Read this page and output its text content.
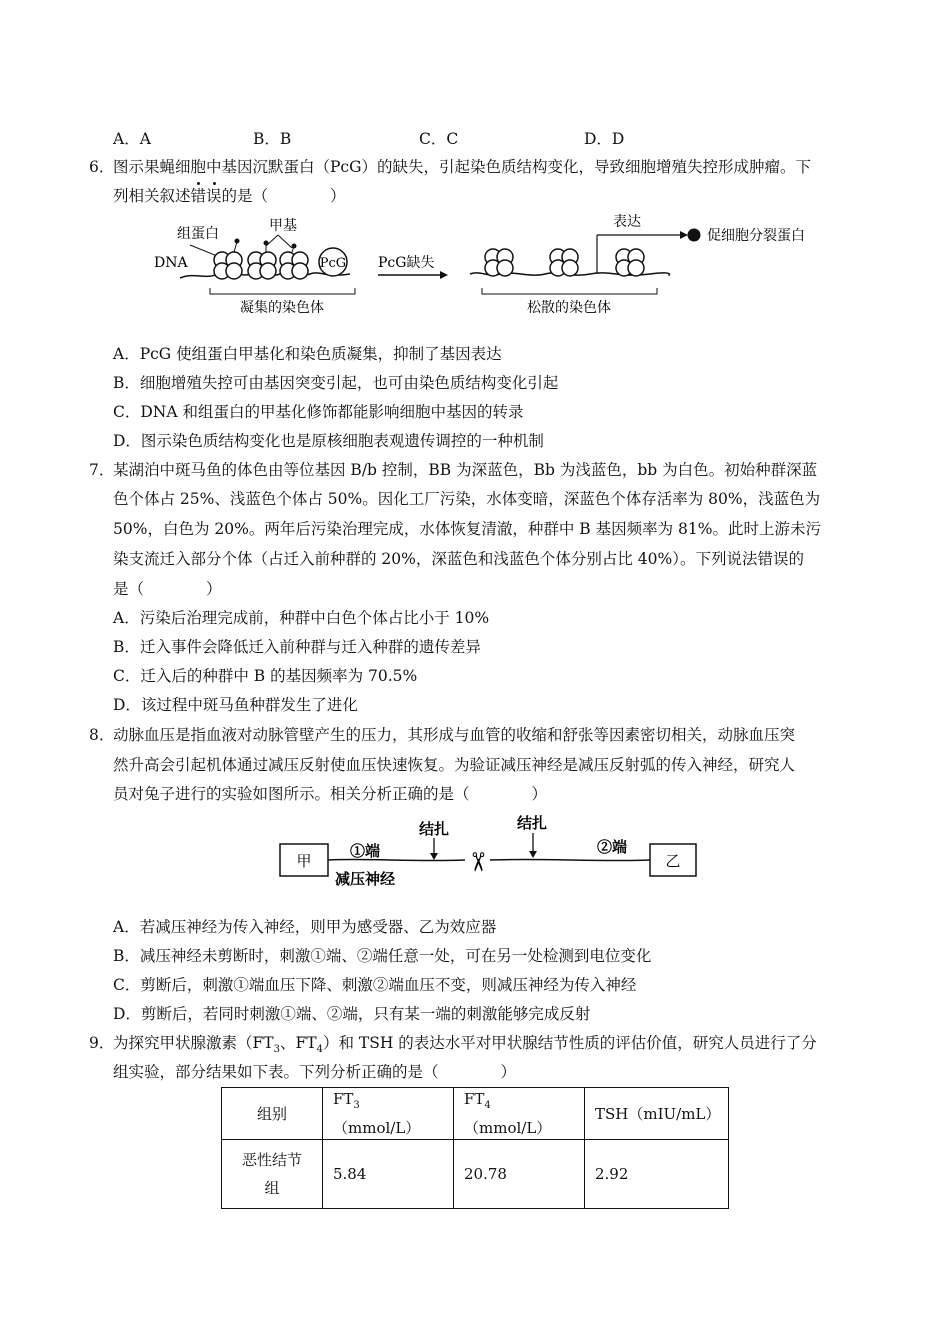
A．A	B．B	C．C	D．D
6．
图示果蝇细胞中基因沉默蛋白（PcG）的缺失，引起染色质结构变化，导致细胞增殖失控形成肿瘤。下
列相关叙述
错误的是（　　　　）
组蛋白	甲基
DNA	PcG
凝集的染色体
PcG缺失
表达
促细胞分裂蛋白
松散的染色体
A．PcG 使组蛋白甲基化和染色质凝集，抑制了基因表达
B．细胞增殖失控可由基因突变引起，也可由染色质结构变化引起
C．DNA 和组蛋白的甲基化修饰都能影响细胞中基因的转录
D．图示染色质结构变化也是原核细胞表观遗传调控的一种机制
7．
某湖泊中斑马鱼的体色由等位基因 B/b 控制，BB 为深蓝色，Bb 为浅蓝色，bb 为白色。初始种群深蓝
色个体占 25%、浅蓝色个体占 50%。因化工厂污染，水体变暗，深蓝色个体存活率为 80%，浅蓝色为
50%，白色为 20%。两年后污染治理完成，水体恢复清澈，种群中 B 基因频率为 81%。此时上游未污
染支流迁入部分个体（占迁入前种群的 20%，深蓝色和浅蓝色个体分别占比 40%）。下列说法错误的
是（　　　　）
A．污染后治理完成前，种群中白色个体占比小于 10%
B．迁入事件会降低迁入前种群与迁入种群的遗传差异
C．迁入后的种群中 B 的基因频率为 70.5%
D．该过程中斑马鱼种群发生了进化
8．
动脉血压是指血液对动脉管壁产生的压力，其形成与血管的收缩和舒张等因素密切相关，动脉血压突
然升高会引起机体通过减压反射使血压快速恢复。为验证减压神经是减压反射弧的传入神经，研究人
员对兔子进行的实验如图所示。相关分析正确的是（　　　　）
甲	乙
✂
①端	②端
减压神经
结扎	结扎
A．若减压神经为传入神经，则甲为感受器、乙为效应器
B．减压神经未剪断时，刺激①端、②端任意一处，可在另一处检测到电位变化
C．剪断后，刺激①端血压下降、刺激②端血压不变，则减压神经为传入神经
D．剪断后，若同时刺激①端、②端，只有某一端的刺激能够完成反射
9．
为探究甲状腺激素（$FT_3$、$FT_4$）和 TSH 的表达水平对甲状腺结节性质的评估价值，研究人员进行了分
组实验，部分结果如下表。下列分析正确的是（　　　　）
组别	$FT_3(mmol/L)$	$FT_4(mmol/L)$	TSH（mIU/mL）

恶性结节
组	5.84	20.78	2.92
